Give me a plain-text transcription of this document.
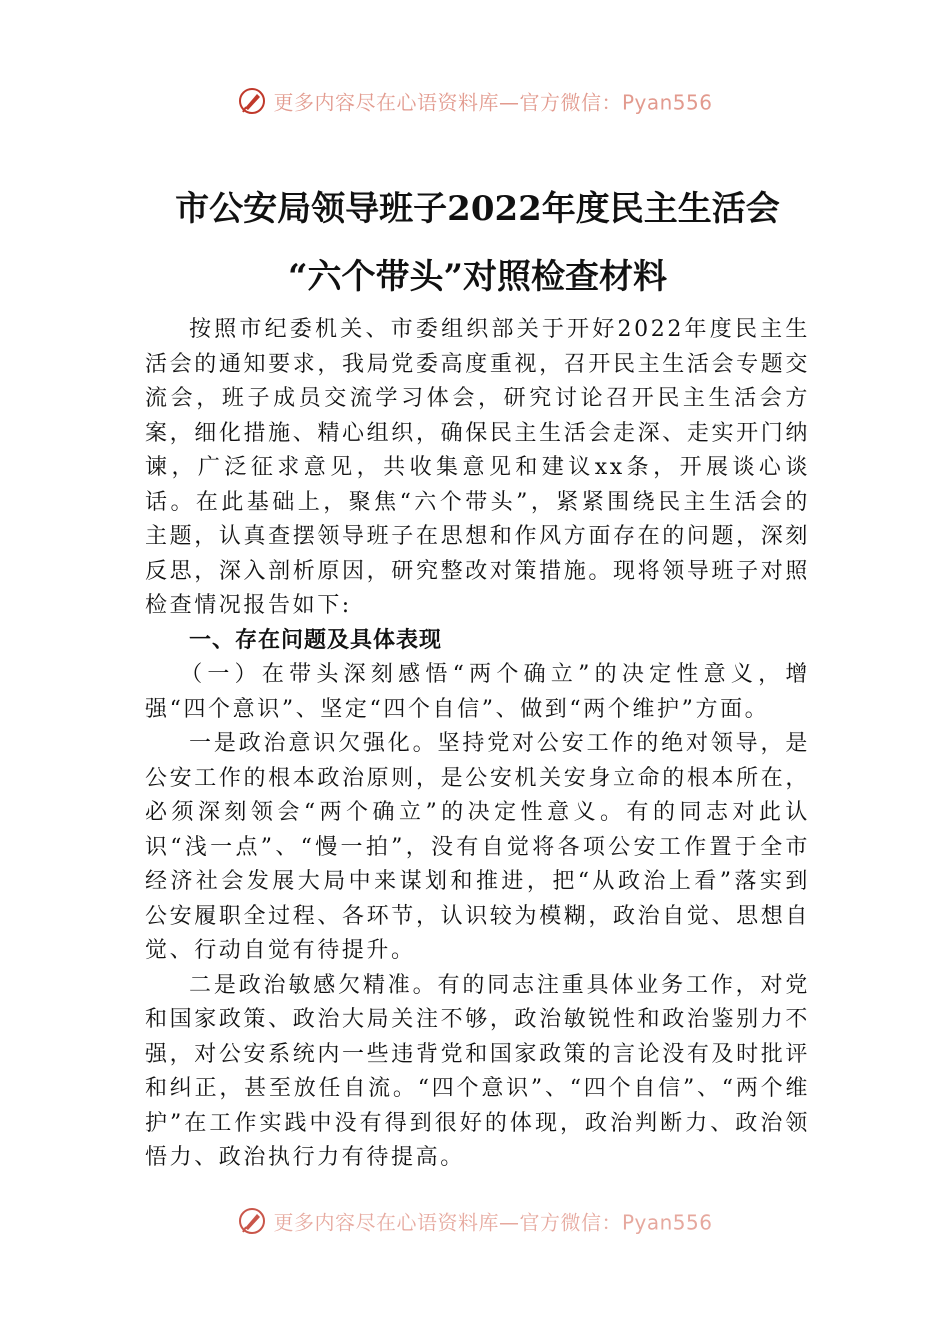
更多内容尽在心语资料库—官方微信：Pyan556

市公安局领导班子2022年度民主生活会

“六个带头”对照检查材料

按照市纪委机关、市委组织部关于开好2022年度民主生活会的通知要求，我局党委高度重视，召开民主生活会专题交流会，班子成员交流学习体会，研究讨论召开民主生活会方案，细化措施、精心组织，确保民主生活会走深、走实开门纳谏，广泛征求意见，共收集意见和建议xx条，开展谈心谈话。在此基础上，聚焦“六个带头”，紧紧围绕民主生活会的主题，认真查摆领导班子在思想和作风方面存在的问题，深刻反思，深入剖析原因，研究整改对策措施。现将领导班子对照检查情况报告如下:

一、存在问题及具体表现

（一）在带头深刻感悟“两个确立”的决定性意义，增强“四个意识”、坚定“四个自信”、做到“两个维护”方面。

一是政治意识欠强化。坚持党对公安工作的绝对领导，是公安工作的根本政治原则，是公安机关安身立命的根本所在，必须深刻领会“两个确立”的决定性意义。有的同志对此认识“浅一点”、“慢一拍”，没有自觉将各项公安工作置于全市经济社会发展大局中来谋划和推进，把“从政治上看”落实到公安履职全过程、各环节，认识较为模糊，政治自觉、思想自觉、行动自觉有待提升。

二是政治敏感欠精准。有的同志注重具体业务工作，对党和国家政策、政治大局关注不够，政治敏锐性和政治鉴别力不强，对公安系统内一些违背党和国家政策的言论没有及时批评和纠正，甚至放任自流。“四个意识”、“四个自信”、“两个维护”在工作实践中没有得到很好的体现，政治判断力、政治领悟力、政治执行力有待提高。

更多内容尽在心语资料库—官方微信：Pyan556
